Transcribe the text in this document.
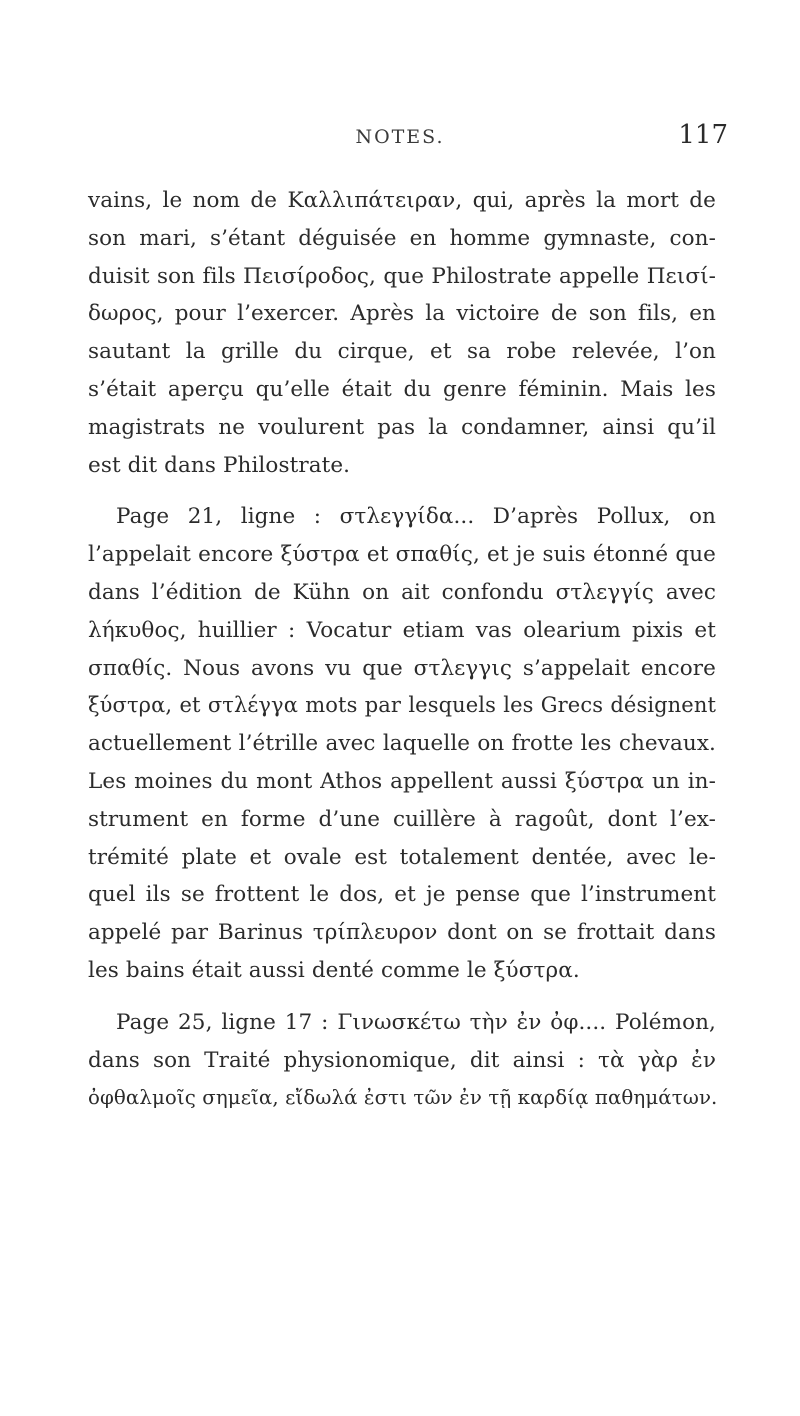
NOTES.	117
vains, le nom de Καλλιπάτειραν, qui, après la mort de
son mari, s’étant déguisée en homme gymnaste, con-
duisit son fils Πεισίροδος, que Philostrate appelle Πεισί-
δωρος, pour l’exercer. Après la victoire de son fils, en
sautant la grille du cirque, et sa robe relevée, l’on
s’était aperçu qu’elle était du genre féminin. Mais les
magistrats ne voulurent pas la condamner, ainsi qu’il
est dit dans Philostrate.
Page 21, ligne : στλεγγίδα... D’après Pollux, on
l’appelait encore ξύστρα et σπαθίς, et je suis étonné que
dans l’édition de Kühn on ait confondu στλεγγίς avec
λήκυθος, huillier : Vocatur etiam vas olearium pixis et
σπαθίς. Nous avons vu que στλεγγις s’appelait encore
ξύστρα, et στλέγγα mots par lesquels les Grecs désignent
actuellement l’étrille avec laquelle on frotte les chevaux.
Les moines du mont Athos appellent aussi ξύστρα un in-
strument en forme d’une cuillère à ragoût, dont l’ex-
trémité plate et ovale est totalement dentée, avec le-
quel ils se frottent le dos, et je pense que l’instrument
appelé par Barinus τρίπλευρον dont on se frottait dans
les bains était aussi denté comme le ξύστρα.
Page 25, ligne 17 : Γινωσκέτω τὴν ἐν ὀφ.... Polémon,
dans son Traité physionomique, dit ainsi : τὰ γὰρ ἐν
ὀφθαλμοῖς σημεῖα, εἴδωλά ἐστι τῶν ἐν τῇ καρδίᾳ παθημάτων.
